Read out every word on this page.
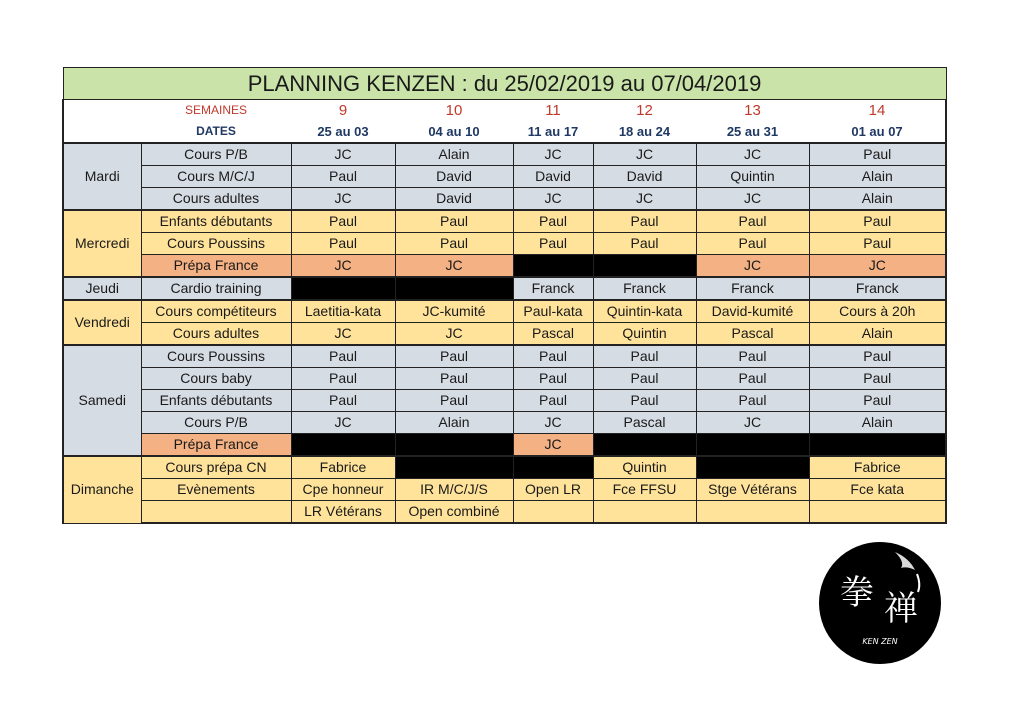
PLANNING KENZEN : du 25/02/2019 au 07/04/2019							
	SEMAINES	9	10	11	12	13	14
	DATES	25 au 03	04 au 10	11 au 17	18 au 24	25 au 31	01 au 07
Mardi	Cours P/B	JC	Alain	JC	JC	JC	Paul
	Cours M/C/J	Paul	David	David	David	Quintin	Alain
	Cours adultes	JC	David	JC	JC	JC	Alain
Mercredi	Enfants débutants	Paul	Paul	Paul	Paul	Paul	Paul
	Cours Poussins	Paul	Paul	Paul	Paul	Paul	Paul
	Prépa France	JC	JC			JC	JC
Jeudi	Cardio training			Franck	Franck	Franck	Franck
Vendredi	Cours compétiteurs	Laetitia-kata	JC-kumité	Paul-kata	Quintin-kata	David-kumité	Cours à 20h
	Cours adultes	JC	JC	Pascal	Quintin	Pascal	Alain
Samedi	Cours Poussins	Paul	Paul	Paul	Paul	Paul	Paul
	Cours baby	Paul	Paul	Paul	Paul	Paul	Paul
	Enfants débutants	Paul	Paul	Paul	Paul	Paul	Paul
	Cours P/B	JC	Alain	JC	Pascal	JC	Alain
	Prépa France			JC			
Dimanche	Cours prépa CN	Fabrice			Quintin		Fabrice
	Evènements	Cpe honneur	IR M/C/J/S	Open LR	Fce FFSU	Stge Vétérans	Fce kata
		LR Vétérans	Open combiné				
拳 禅
KEN ZEN
